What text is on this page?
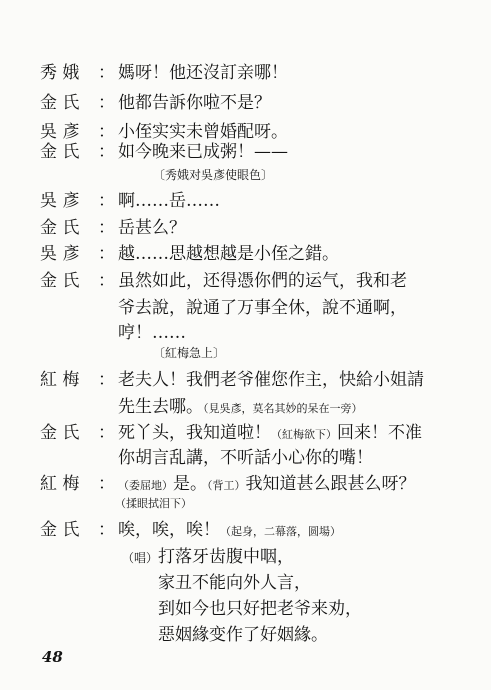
秀 娥 ： 媽呀！他还沒訂亲哪！
金 氏 ： 他都告訴你啦不是？
吳 彥 ： 小侄实实未曾婚配呀。
金 氏 ： 如今晚来已成粥！——
〔秀娥对吳彥使眼色〕
吳 彥 ： 啊……岳……
金 氏 ： 岳甚么？
吳 彥 ： 越……思越想越是小侄之錯。
金 氏 ： 虽然如此，还得憑你們的运气，我和老
爷去說，說通了万事全休，說不通啊，
哼！……
〔紅梅急上〕
紅 梅 ： 老夫人！我們老爷催您作主，快給小姐請
先生去哪。（見吳彥，莫名其妙的呆在一旁）
金 氏 ： 死丫头，我知道啦！（紅梅欲下）回来！不准
你胡言乱講，不听話小心你的嘴！
紅 梅 ： （委屈地）是。（背工）我知道甚么跟甚么呀？
（揉眼拭泪下）
金 氏 ： 唉，唉，唉！（起身，二幕落，圆場）
（唱）打落牙齿腹中咽，
家丑不能向外人言，
到如今也只好把老爷来劝，
惡姻緣变作了好姻緣。
48
